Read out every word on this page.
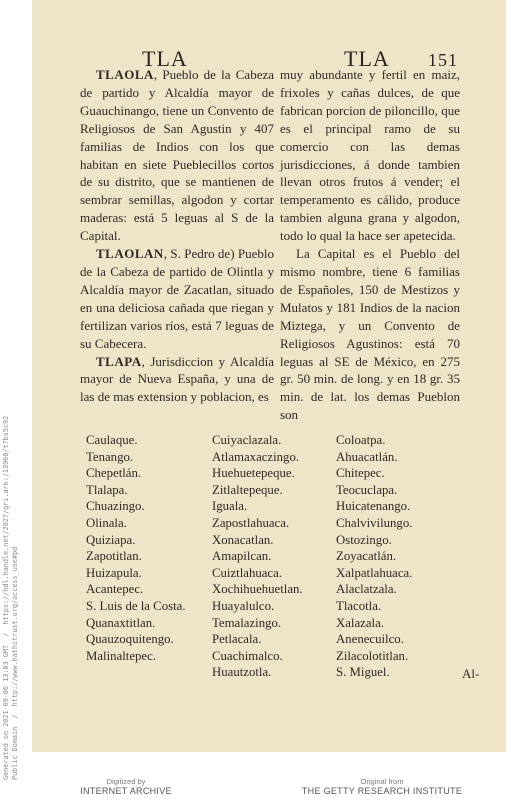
TLA	TLA 151

TLAOLA, Pueblo de la Cabeza de partido y Alcaldía mayor de Guauchinango, tiene un Convento de Religiosos de San Agustin y 407 familias de Indios con los que habitan en siete Pueblecillos cortos de su distrito, que se mantienen de sembrar semillas, algodon y cortar maderas: está 5 leguas al S de la Capital.

TLAOLAN, S. Pedro de) Pueblo de la Cabeza de partido de Olintla y Alcaldía mayor de Zacatlan, situado en una deliciosa cañada que riegan y fertilizan varios ríos, está 7 leguas de su Cabecera.

TLAPA, Jurisdiccion y Alcaldía mayor de Nueva España, y una de las de mas extension y poblacion, es

muy abundante y fertil en maiz, frixoles y cañas dulces, de que fabrican porcion de piloncillo, que es el principal ramo de su comercio con las demas jurisdicciones, á donde tambien llevan otros frutos á vender; el temperamento es cálido, produce tambien alguna grana y algodon, todo lo qual la hace ser apetecida.

La Capital es el Pueblo del mismo nombre, tiene 6 familias de Españoles, 150 de Mestizos y Mulatos y 181 Indios de la nacion Miztega, y un Convento de Religiosos Agustinos: está 70 leguas al SE de México, en 275 gr. 50 min. de long. y en 18 gr. 35 min. de lat. los demas Pueblon son

Caulaque.
Tenango.
Chepetlán.
Tlalapa.
Chuazingo.
Olinala.
Quiziapa.
Zapotitlan.
Huizapula.
Acantepec.
S. Luis de la Costa.
Quanaxtitlan.
Quauzoquitengo.
Malinaltepec.
Cuiyaclazala.
Atlamaxaczingo.
Huehuetepeque.
Zitlaltepeque.
Iguala.
Zapostlahuaca.
Xonacatlan.
Amapilcan.
Cuiztlahuaca.
Xochihuehuetlan.
Huayalulco.
Temalazingo.
Petlacala.
Cuachimalco.
Huautzotla.
Coloatpa.
Ahuacatlán.
Chitepec.
Teocuclapa.
Huicatenango.
Chalvivilungo.
Ostozingo.
Zoyacatlán.
Xalpatlahuaca.
Alaclatzala.
Tlacotla.
Xalazala.
Anenecuilco.
Zilacolotitlan.
S. Miguel.	Al-
Generated on 2021-09-06 13:03 GMT  /  https://hdl.handle.net/2027/gri.ark:/13960/t7bs5c92 Public Domain  /  http://www.hathitrust.org/access_use#pd
Digitized by
INTERNET ARCHIVE
Original from
THE GETTY RESEARCH INSTITUTE
